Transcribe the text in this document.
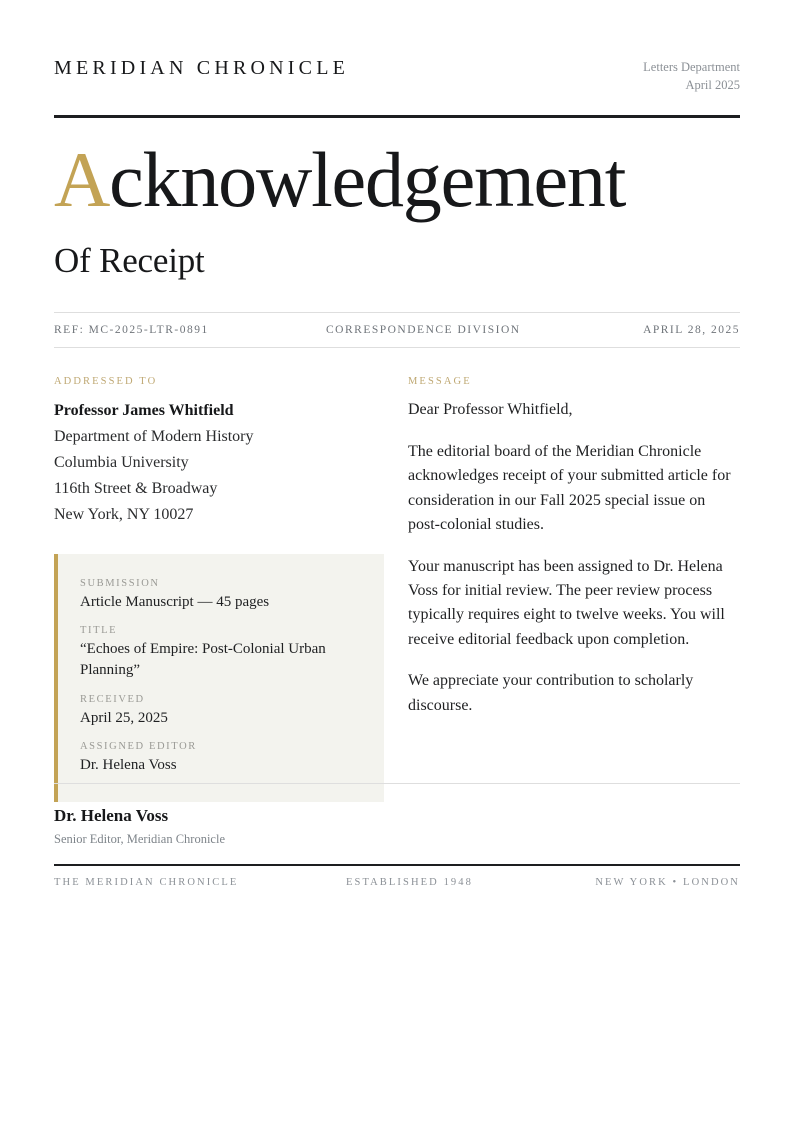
MERIDIAN CHRONICLE	Letters Department
April 2025
Acknowledgement
Of Receipt
REF: MC-2025-LTR-0891	CORRESPONDENCE DIVISION	APRIL 28, 2025
ADDRESSED TO
Professor James Whitfield
Department of Modern History
Columbia University
116th Street & Broadway
New York, NY 10027
SUBMISSION
Article Manuscript — 45 pages
TITLE
“Echoes of Empire: Post-Colonial Urban Planning”
RECEIVED
April 25, 2025
ASSIGNED EDITOR
Dr. Helena Voss
MESSAGE

Dear Professor Whitfield,

The editorial board of the Meridian Chronicle acknowledges receipt of your submitted article for consideration in our Fall 2025 special issue on post-colonial studies.

Your manuscript has been assigned to Dr. Helena Voss for initial review. The peer review process typically requires eight to twelve weeks. You will receive editorial feedback upon completion.

We appreciate your contribution to scholarly discourse.

Dr. Helena Voss
Senior Editor, Meridian Chronicle
THE MERIDIAN CHRONICLE	ESTABLISHED 1948	NEW YORK • LONDON
